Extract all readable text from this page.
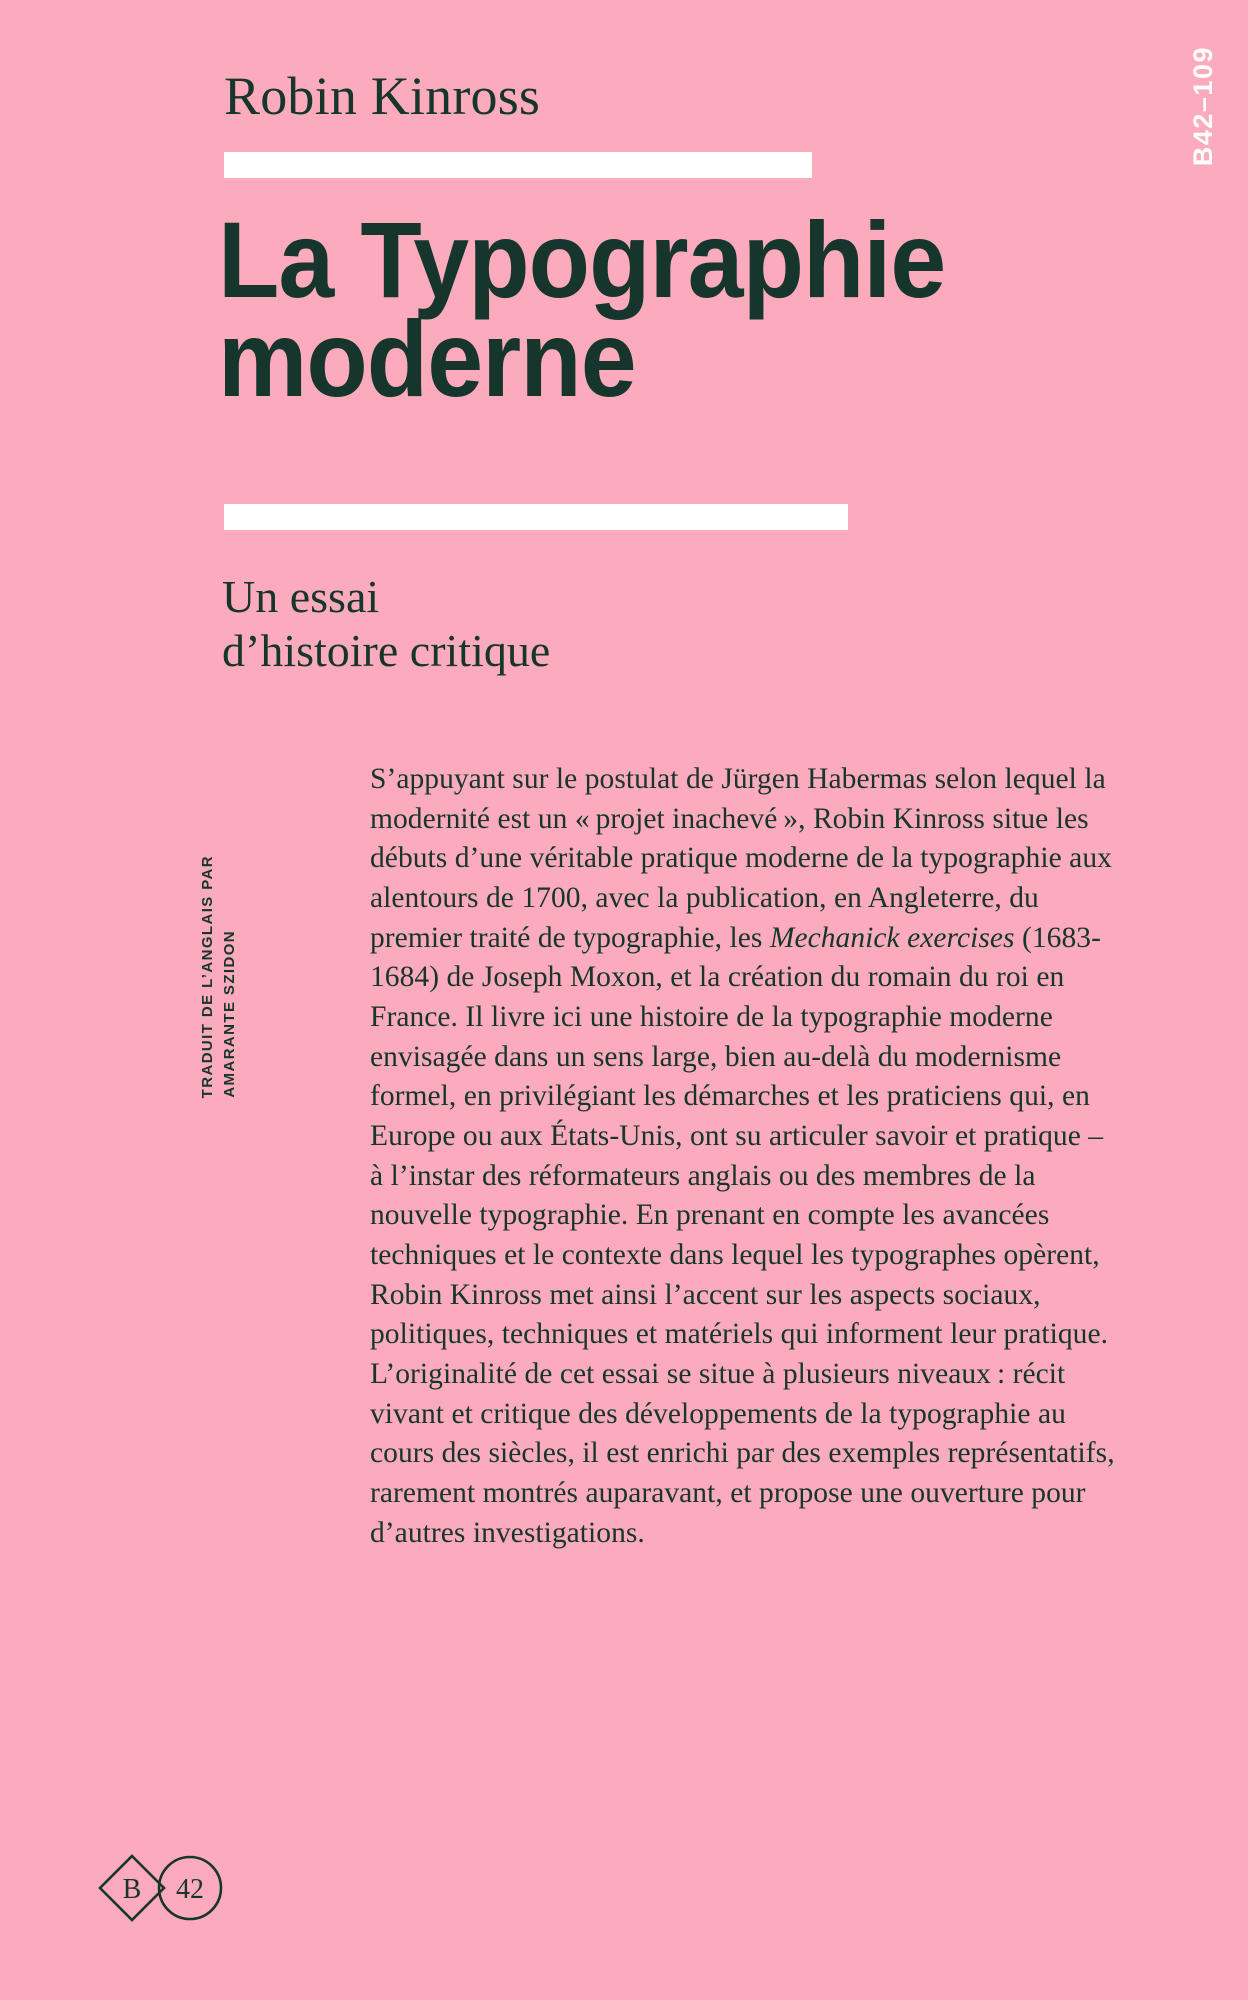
B42–109
Robin Kinross
La Typographie
moderne
Un essai
d’histoire critique
TRADUIT DE L’ANGLAIS PAR AMARANTE SZIDON

S’appuyant sur le postulat de Jürgen Habermas selon lequel la modernité est un « projet inachevé », Robin Kinross situe les débuts d’une véritable pratique moderne de la typographie aux alentours de 1700, avec la publication, en Angleterre, du premier traité de typographie, les Mechanick exercises (1683-1684) de Joseph Moxon, et la création du romain du roi en France. Il livre ici une histoire de la typographie moderne envisagée dans un sens large, bien au-delà du modernisme formel, en privilégiant les démarches et les praticiens qui, en Europe ou aux États-Unis, ont su articuler savoir et pratique – à l’instar des réformateurs anglais ou des membres de la nouvelle typographie. En prenant en compte les avancées techniques et le contexte dans lequel les typographes opèrent, Robin Kinross met ainsi l’accent sur les aspects sociaux, politiques, techniques et matériels qui informent leur pratique. L’originalité de cet essai se situe à plusieurs niveaux : récit vivant et critique des développements de la typographie au cours des siècles, il est enrichi par des exemples représentatifs, rarement montrés auparavant, et propose une ouverture pour d’autres investigations.

B 42
